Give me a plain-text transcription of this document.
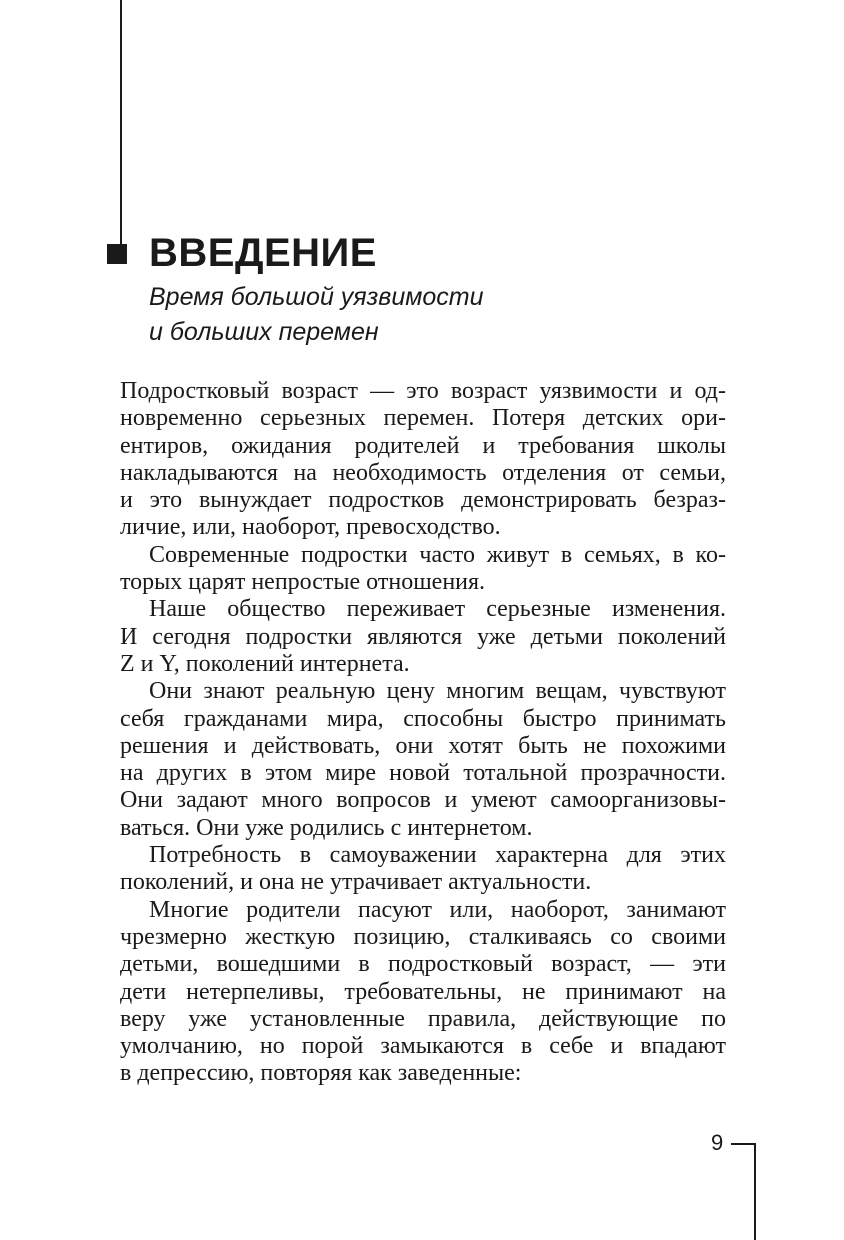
ВВЕДЕНИЕ
Время большой уязвимости
и больших перемен
Подростковый возраст — это возраст уязвимости и од-
новременно серьезных перемен. Потеря детских ори-
ентиров, ожидания родителей и требования школы
накладываются на необходимость отделения от семьи,
и это вынуждает подростков демонстрировать безраз-
личие, или, наоборот, превосходство.
Современные подростки часто живут в семьях, в ко-
торых царят непростые отношения.
Наше общество переживает серьезные изменения.
И сегодня подростки являются уже детьми поколений
Z и Y, поколений интернета.
Они знают реальную цену многим вещам, чувствуют
себя гражданами мира, способны быстро принимать
решения и действовать, они хотят быть не похожими
на других в этом мире новой тотальной прозрачности.
Они задают много вопросов и умеют самоорганизовы-
ваться. Они уже родились с интернетом.
Потребность в самоуважении характерна для этих
поколений, и она не утрачивает актуальности.
Многие родители пасуют или, наоборот, занимают
чрезмерно жесткую позицию, сталкиваясь со своими
детьми, вошедшими в подростковый возраст, — эти
дети нетерпеливы, требовательны, не принимают на
веру уже установленные правила, действующие по
умолчанию, но порой замыкаются в себе и впадают
в депрессию, повторяя как заведенные:
9
